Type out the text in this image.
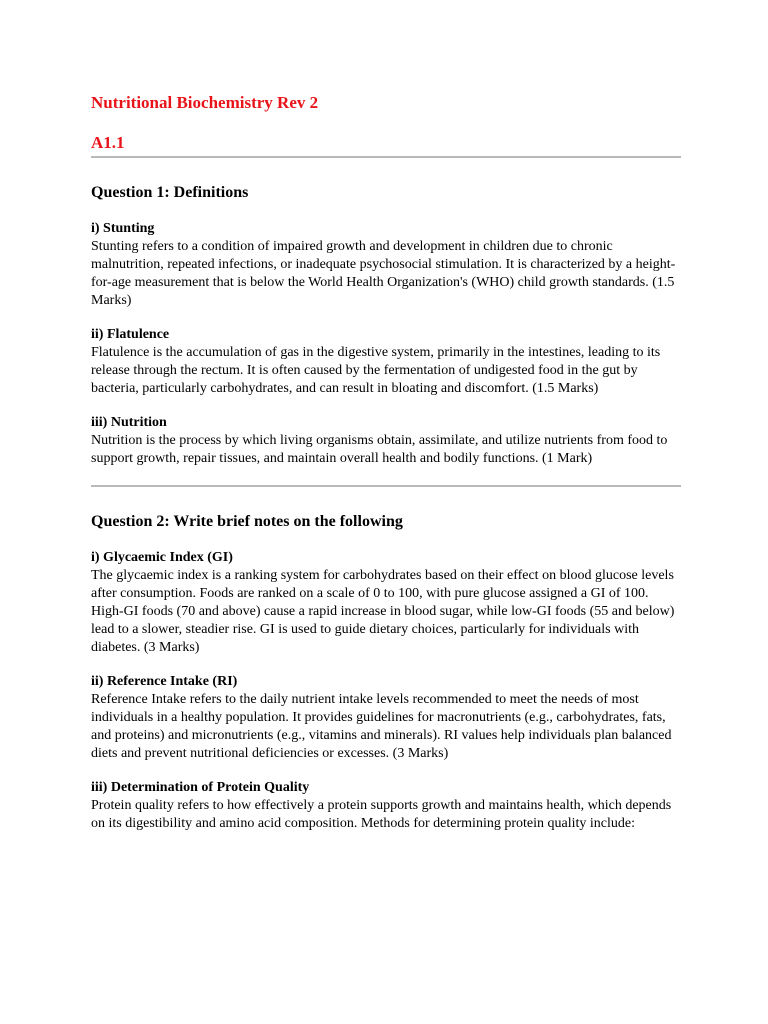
Nutritional Biochemistry Rev 2
A1.1
Question 1: Definitions
i) Stunting

Stunting refers to a condition of impaired growth and development in children due to chronic malnutrition, repeated infections, or inadequate psychosocial stimulation. It is characterized by a height-for-age measurement that is below the World Health Organization's (WHO) child growth standards. (1.5 Marks)

ii) Flatulence

Flatulence is the accumulation of gas in the digestive system, primarily in the intestines, leading to its release through the rectum. It is often caused by the fermentation of undigested food in the gut by bacteria, particularly carbohydrates, and can result in bloating and discomfort. (1.5 Marks)

iii) Nutrition

Nutrition is the process by which living organisms obtain, assimilate, and utilize nutrients from food to support growth, repair tissues, and maintain overall health and bodily functions. (1 Mark)

Question 2: Write brief notes on the following
i) Glycaemic Index (GI)

The glycaemic index is a ranking system for carbohydrates based on their effect on blood glucose levels after consumption. Foods are ranked on a scale of 0 to 100, with pure glucose assigned a GI of 100. High-GI foods (70 and above) cause a rapid increase in blood sugar, while low-GI foods (55 and below) lead to a slower, steadier rise. GI is used to guide dietary choices, particularly for individuals with diabetes. (3 Marks)

ii) Reference Intake (RI)

Reference Intake refers to the daily nutrient intake levels recommended to meet the needs of most individuals in a healthy population. It provides guidelines for macronutrients (e.g., carbohydrates, fats, and proteins) and micronutrients (e.g., vitamins and minerals). RI values help individuals plan balanced diets and prevent nutritional deficiencies or excesses. (3 Marks)

iii) Determination of Protein Quality

Protein quality refers to how effectively a protein supports growth and maintains health, which depends on its digestibility and amino acid composition. Methods for determining protein quality include:
